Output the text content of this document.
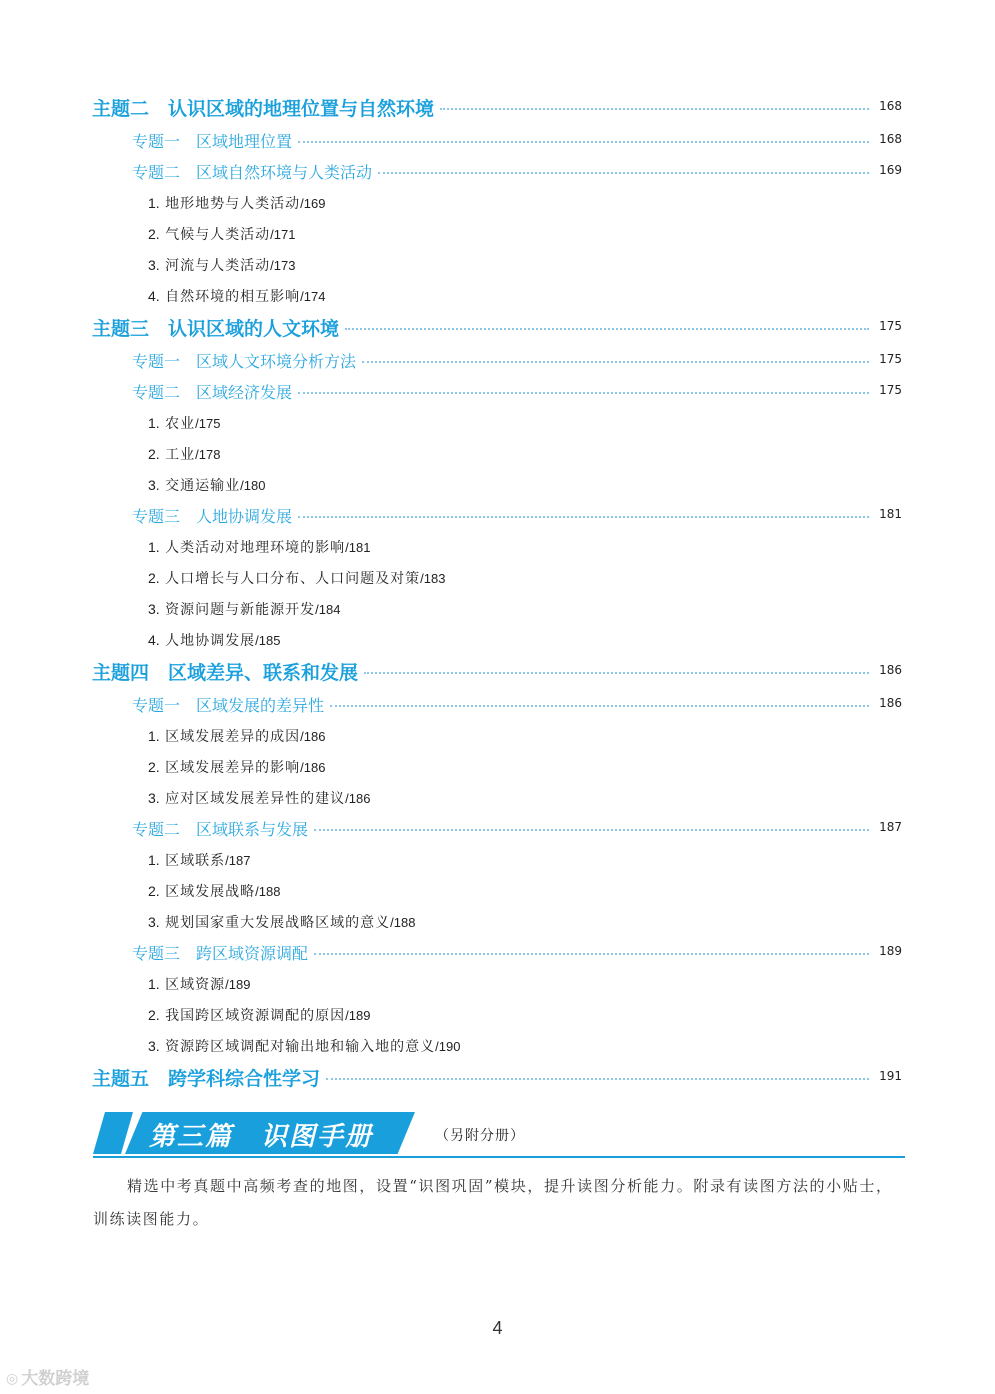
主题二　认识区域的地理位置与自然环境	168
专题一　区域地理位置	168
专题二　区域自然环境与人类活动	169
1. 地形地势与人类活动/169
2. 气候与人类活动/171
3. 河流与人类活动/173
4. 自然环境的相互影响/174
主题三　认识区域的人文环境	175
专题一　区域人文环境分析方法	175
专题二　区域经济发展	175
1. 农业/175
2. 工业/178
3. 交通运输业/180
专题三　人地协调发展	181
1. 人类活动对地理环境的影响/181
2. 人口增长与人口分布、人口问题及对策/183
3. 资源问题与新能源开发/184
4. 人地协调发展/185
主题四　区域差异、联系和发展	186
专题一　区域发展的差异性	186
1. 区域发展差异的成因/186
2. 区域发展差异的影响/186
3. 应对区域发展差异性的建议/186
专题二　区域联系与发展	187
1. 区域联系/187
2. 区域发展战略/188
3. 规划国家重大发展战略区域的意义/188
专题三　跨区域资源调配	189
1. 区域资源/189
2. 我国跨区域资源调配的原因/189
3. 资源跨区域调配对输出地和输入地的意义/190
主题五　跨学科综合性学习	191
第三篇　识图手册	（另附分册）
精选中考真题中高频考查的地图，设置“识图巩固”模块，提升读图分析能力。附录有读图方法的小贴士，训练读图能力。
4
◎ 大数跨境
